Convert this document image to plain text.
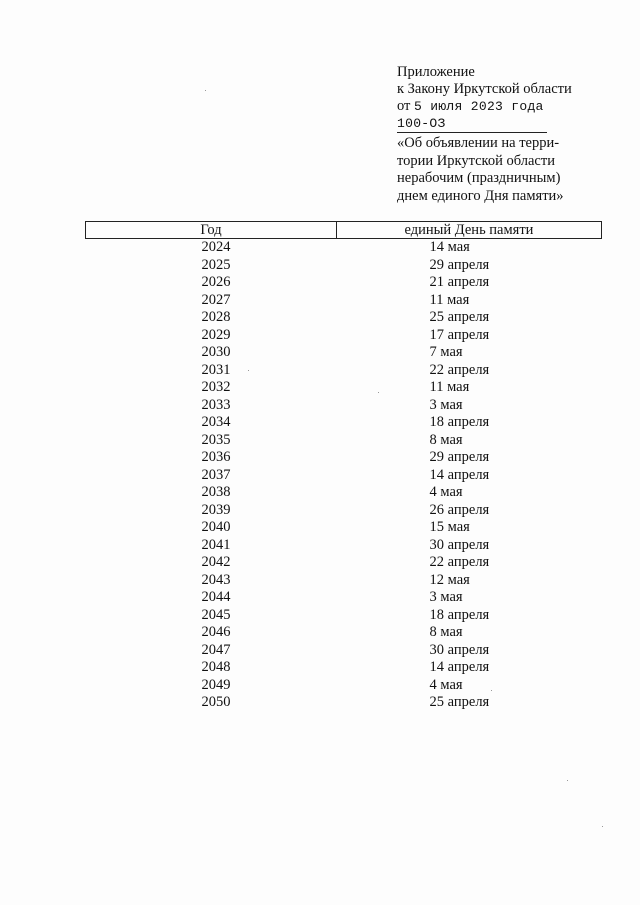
Приложение
к Закону Иркутской области
от 5 июля 2023 года
100-ОЗ
«Об объявлении на терри-
тории Иркутской области
нерабочим (праздничным)
днем единого Дня памяти»
Год	единый День памяти
2024	14 мая
2025	29 апреля
2026	21 апреля
2027	11 мая
2028	25 апреля
2029	17 апреля
2030	7 мая
2031	22 апреля
2032	11 мая
2033	3 мая
2034	18 апреля
2035	8 мая
2036	29 апреля
2037	14 апреля
2038	4 мая
2039	26 апреля
2040	15 мая
2041	30 апреля
2042	22 апреля
2043	12 мая
2044	3 мая
2045	18 апреля
2046	8 мая
2047	30 апреля
2048	14 апреля
2049	4 мая
2050	25 апреля
